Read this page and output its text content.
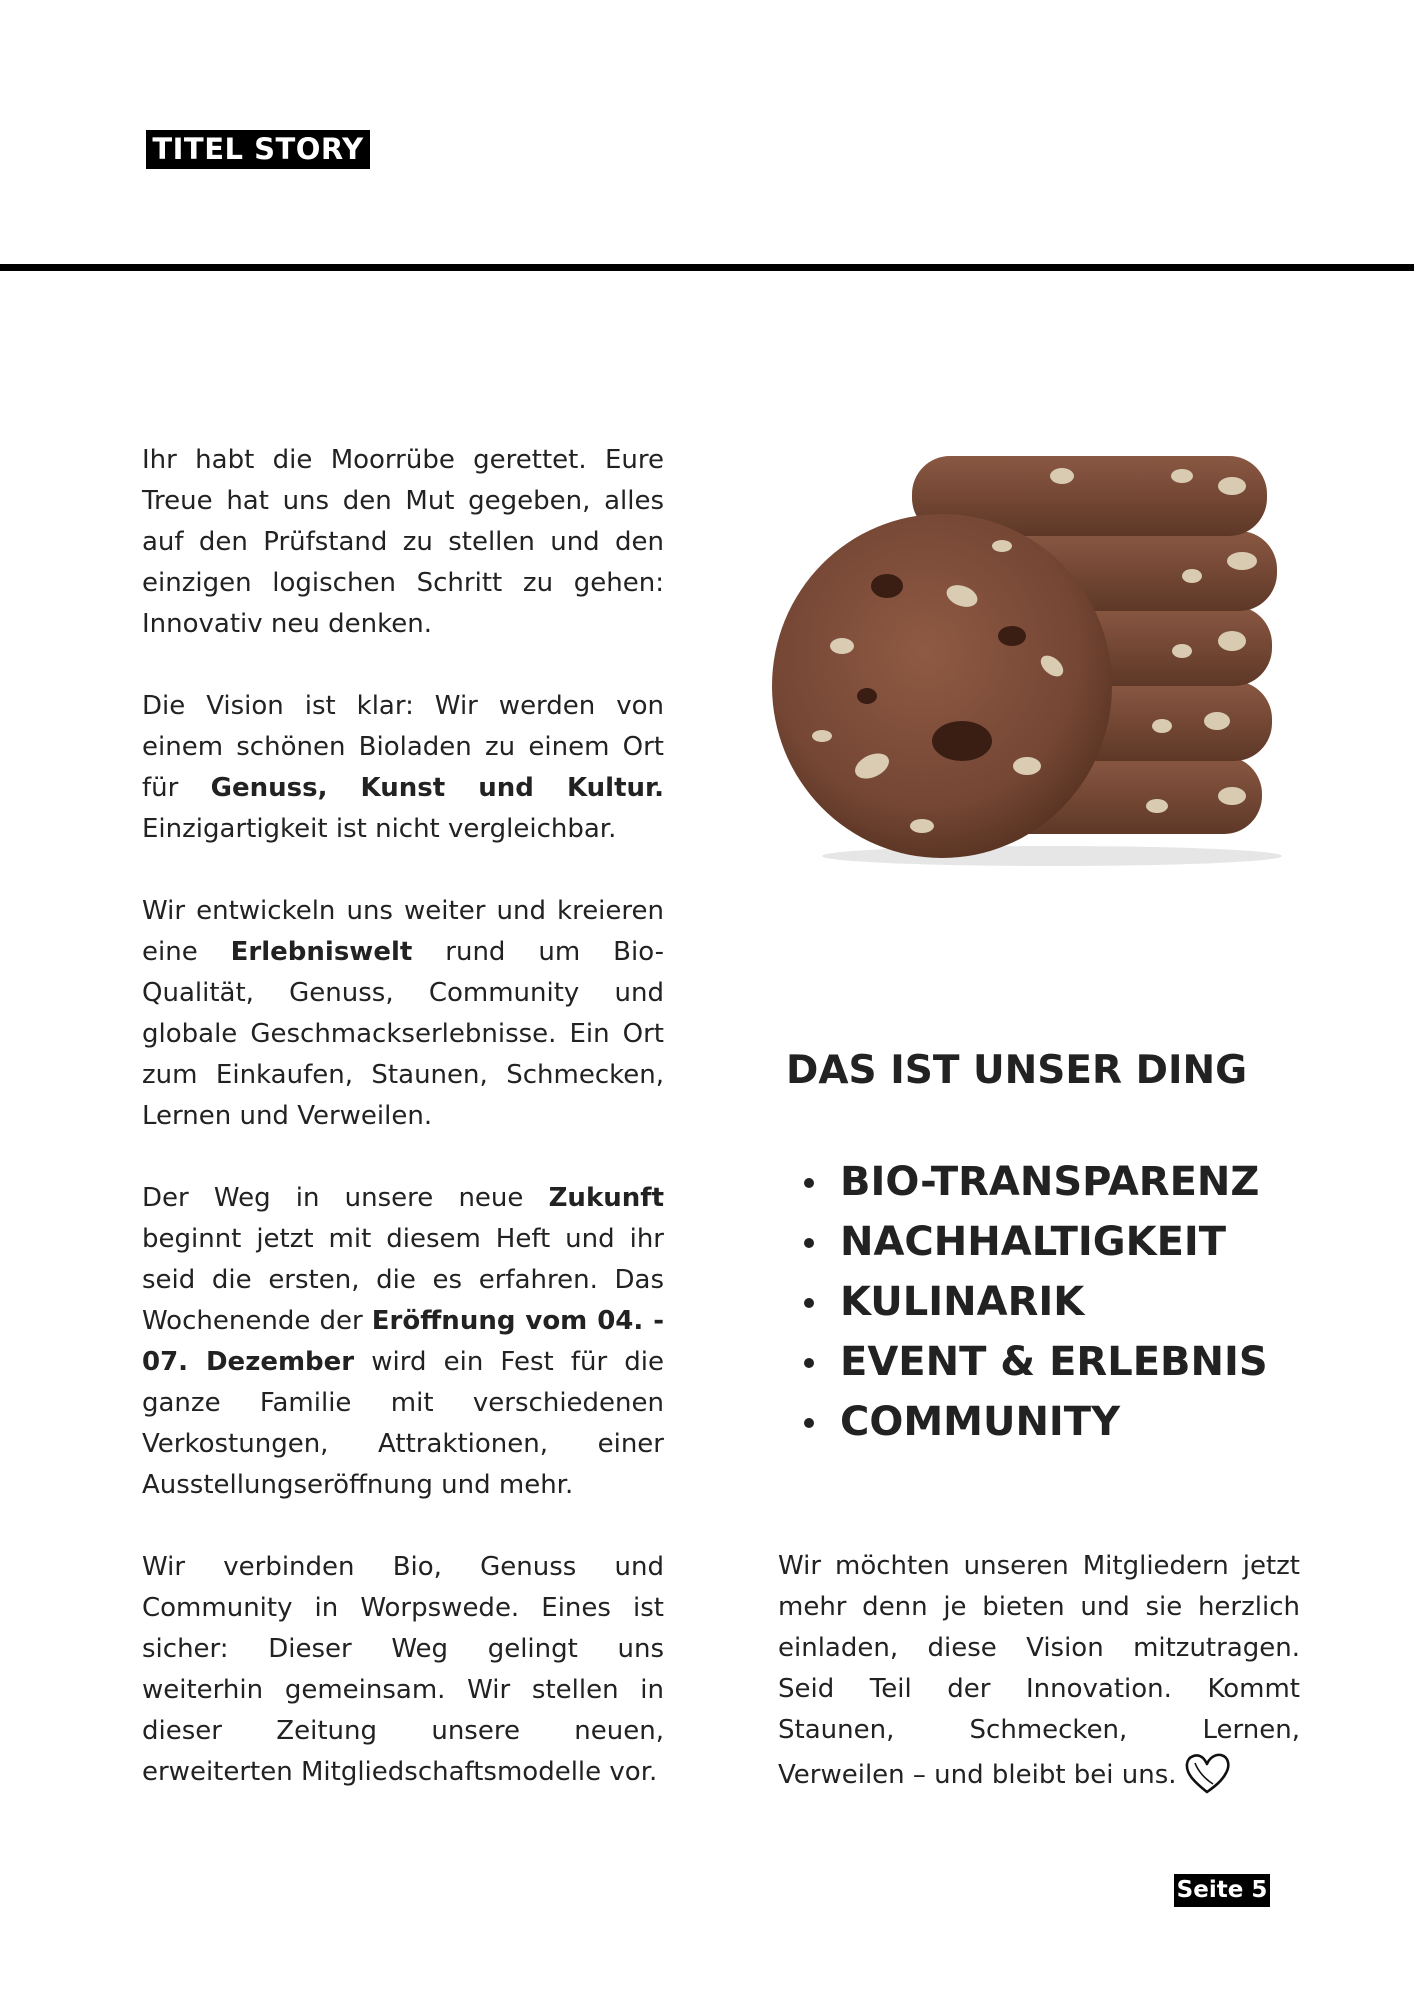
TITEL STORY

Ihr habt die Moorrübe gerettet. Eure Treue hat uns den Mut gegeben, alles auf den Prüfstand zu stellen und den einzigen logischen Schritt zu gehen: Innovativ neu denken.

Die Vision ist klar: Wir werden von einem schönen Bioladen zu einem Ort für Genuss, Kunst und Kultur. Einzigartigkeit ist nicht vergleichbar.

Wir entwickeln uns weiter und kreieren eine Erlebniswelt rund um Bio-Qualität, Genuss, Community und globale Geschmackserlebnisse. Ein Ort zum Einkaufen, Staunen, Schmecken, Lernen und Verweilen.

Der Weg in unsere neue Zukunft beginnt jetzt mit diesem Heft und ihr seid die ersten, die es erfahren. Das Wochenende der Eröffnung vom 04. - 07. Dezember wird ein Fest für die ganze Familie mit verschiedenen Verkostungen, Attraktionen, einer Ausstellungseröffnung und mehr.

Wir verbinden Bio, Genuss und Community in Worpswede. Eines ist sicher: Dieser Weg gelingt uns weiterhin gemeinsam. Wir stellen in dieser Zeitung unsere neuen, erweiterten Mitgliedschaftsmodelle vor.

DAS IST UNSER DING
BIO-TRANSPARENZ
NACHHALTIGKEIT
KULINARIK
EVENT & ERLEBNIS
COMMUNITY

Wir möchten unseren Mitgliedern jetzt mehr denn je bieten und sie herzlich einladen, diese Vision mitzutragen. Seid Teil der Innovation. Kommt Staunen, Schmecken, Lernen, Verweilen – und bleibt bei uns.

Seite 5
